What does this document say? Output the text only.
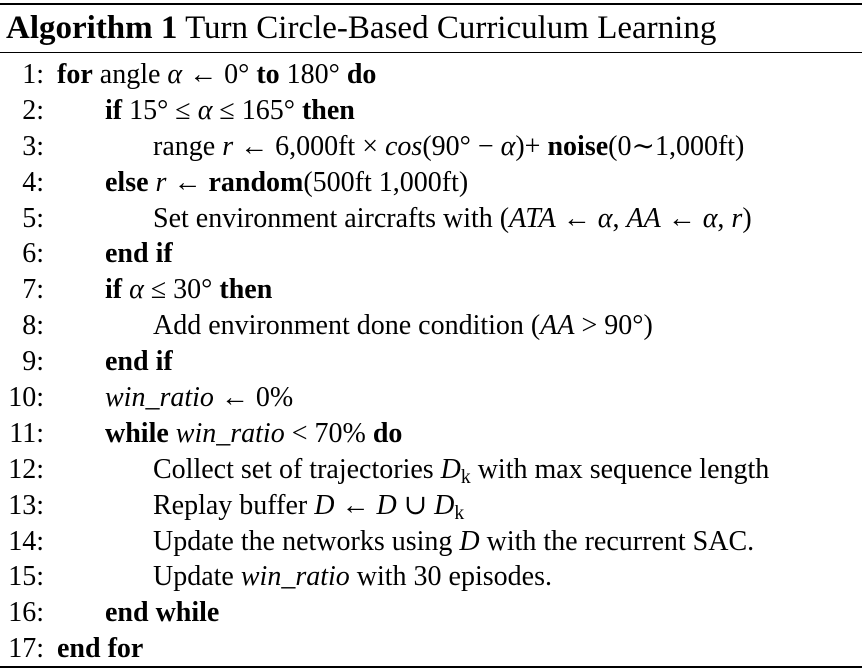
Algorithm 1 Turn Circle-Based Curriculum Learning
1: for angle α ← 0° to 180° do
2: if 15° ≤ α ≤ 165° then
3:	range r ← 6,000ft × cos(90° − α)+ noise(0∼1,000ft)
4: else r ← random(500ft 1,000ft)
5:	Set environment aircrafts with (ATA ← α, AA ← α, r)
6: end if
7: if α ≤ 30° then
8:	Add environment done condition (AA > 90°)
9: end if
10: win_ratio ← 0%
11: while win_ratio < 70% do
12:	Collect set of trajectories $D_k$ with max sequence length
13:	Replay buffer D ← D ∪ $D_k$
14:	Update the networks using D with the recurrent SAC.
15:	Update win_ratio with 30 episodes.
16: end while
17: end for
